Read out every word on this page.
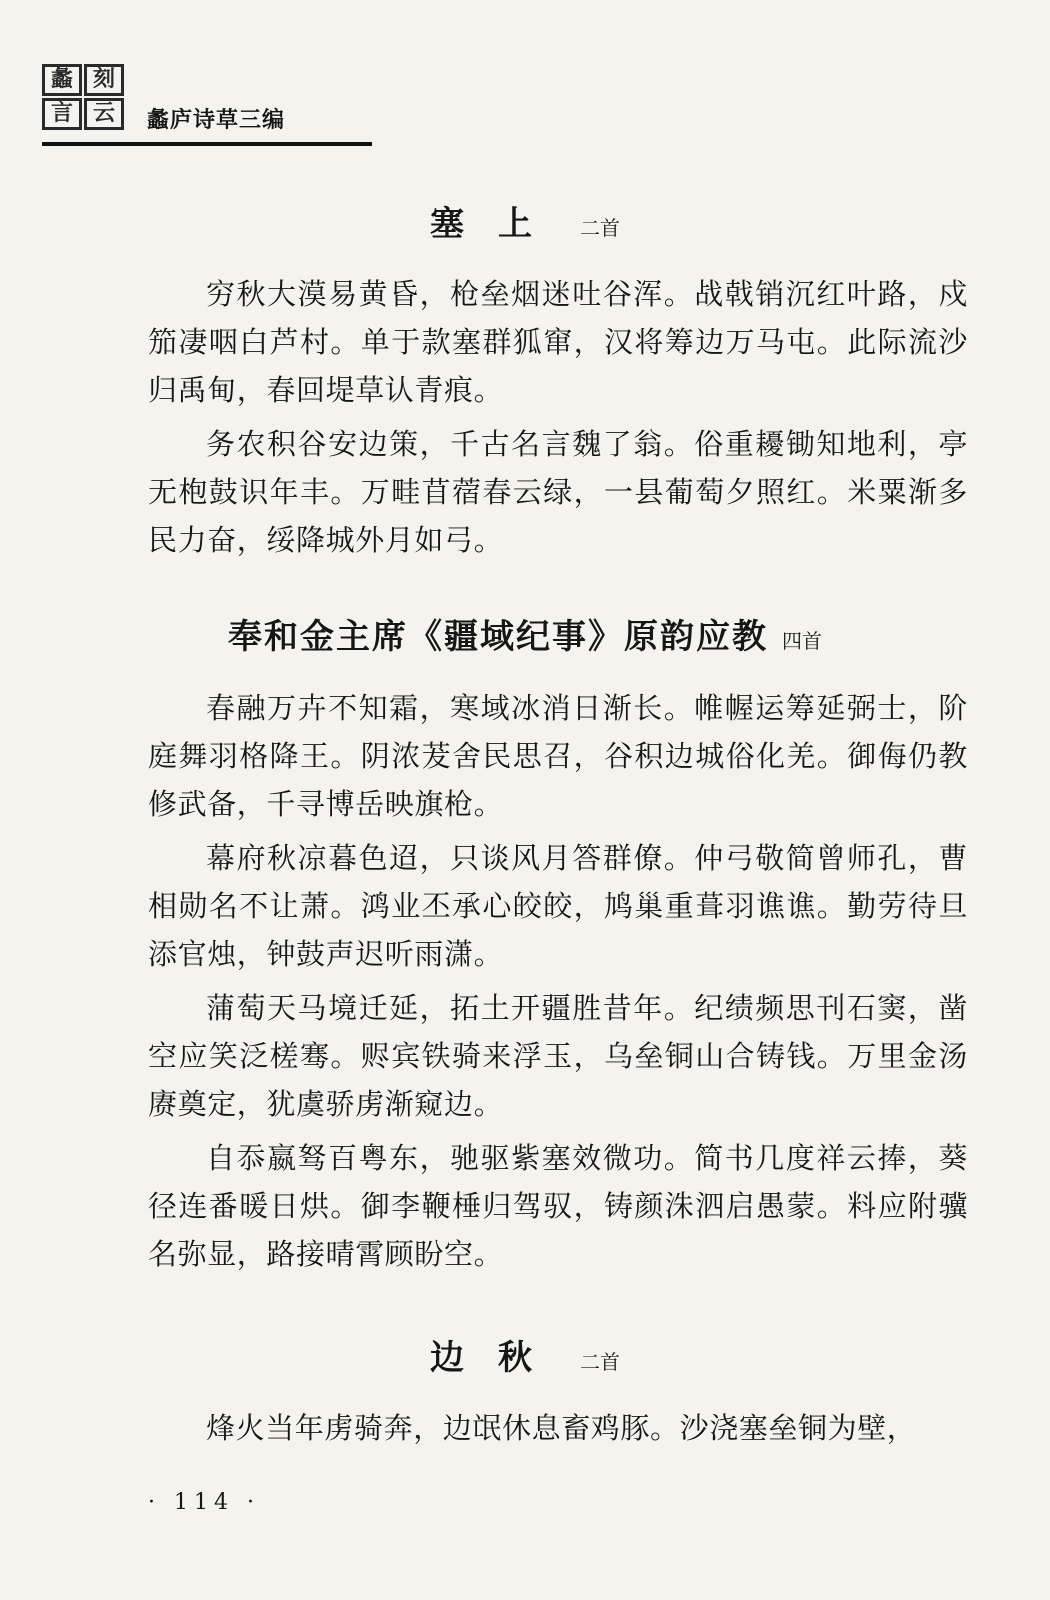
蠡 刻
言 云	蠡庐诗草三编
塞上 二首

穷秋大漠易黄昏，枪垒烟迷吐谷浑。战戟销沉红叶路，戍笳凄咽白芦村。单于款塞群狐窜，汉将筹边万马屯。此际流沙归禹甸，春回堤草认青痕。

务农积谷安边策，千古名言魏了翁。俗重耰锄知地利，亭无枹鼓识年丰。万畦苜蓿春云绿，一县葡萄夕照红。米粟渐多民力奋，绥降城外月如弓。

奉和金主席《疆域纪事》原韵应教 四首

春融万卉不知霜，寒域冰消日渐长。帷幄运筹延弼士，阶庭舞羽格降王。阴浓茇舍民思召，谷积边城俗化羌。御侮仍教修武备，千寻博岳映旗枪。

幕府秋凉暮色迢，只谈风月答群僚。仲弓敬简曾师孔，曹相勋名不让萧。鸿业丕承心皎皎，鸠巢重葺羽谯谯。勤劳待旦添官烛，钟鼓声迟听雨潇。

蒲萄天马境迁延，拓土开疆胜昔年。纪绩频思刊石窦，凿空应笑泛槎骞。赆宾铁骑来浮玉，乌垒铜山合铸钱。万里金汤赓奠定，犹虞骄虏渐窥边。

自忝嬴驽百粤东，驰驱紫塞效微功。简书几度祥云捧，葵径连番暖日烘。御李鞭棰归驾驭，铸颜洙泗启愚蒙。料应附骥名弥显，路接晴霄顾盼空。

边秋 二首

烽火当年虏骑奔，边氓休息畜鸡豚。沙浇塞垒铜为壁，

· 114 ·
